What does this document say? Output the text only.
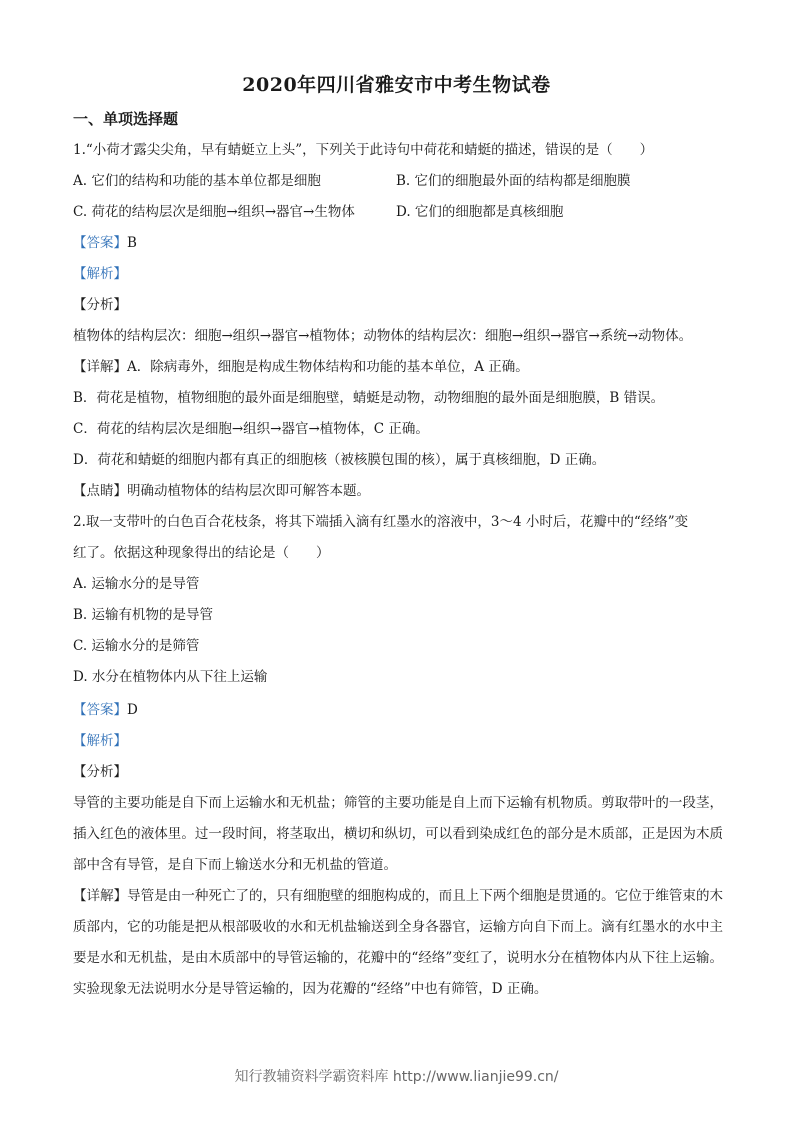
2020年四川省雅安市中考生物试卷
一、单项选择题
1.“小荷才露尖尖角，早有蜻蜓立上头”，下列关于此诗句中荷花和蜻蜓的描述，错误的是（　　）
A. 它们的结构和功能的基本单位都是细胞	B. 它们的细胞最外面的结构都是细胞膜
C. 荷花的结构层次是细胞→组织→器官→生物体	D. 它们的细胞都是真核细胞
【答案】B
【解析】
【分析】
植物体的结构层次：细胞→组织→器官→植物体；动物体的结构层次：细胞→组织→器官→系统→动物体。
【详解】A．除病毒外，细胞是构成生物体结构和功能的基本单位，A 正确。
B．荷花是植物，植物细胞的最外面是细胞壁，蜻蜓是动物，动物细胞的最外面是细胞膜，B 错误。
C．荷花的结构层次是细胞→组织→器官→植物体，C 正确。
D．荷花和蜻蜓的细胞内都有真正的细胞核（被核膜包围的核），属于真核细胞，D 正确。
【点睛】明确动植物体的结构层次即可解答本题。
2.取一支带叶的白色百合花枝条，将其下端插入滴有红墨水的溶液中，3～4 小时后，花瓣中的“经络”变
红了。依据这种现象得出的结论是（　　）
A. 运输水分的是导管
B. 运输有机物的是导管
C. 运输水分的是筛管
D. 水分在植物体内从下往上运输
【答案】D
【解析】
【分析】
导管的主要功能是自下而上运输水和无机盐；筛管的主要功能是自上而下运输有机物质。剪取带叶的一段茎，插入红色的液体里。过一段时间，将茎取出，横切和纵切，可以看到染成红色的部分是木质部，正是因为木质部中含有导管，是自下而上输送水分和无机盐的管道。
【详解】导管是由一种死亡了的，只有细胞壁的细胞构成的，而且上下两个细胞是贯通的。它位于维管束的木质部内，它的功能是把从根部吸收的水和无机盐输送到全身各器官，运输方向自下而上。滴有红墨水的水中主要是水和无机盐，是由木质部中的导管运输的，花瓣中的“经络”变红了，说明水分在植物体内从下往上运输。实验现象无法说明水分是导管运输的，因为花瓣的“经络”中也有筛管，D 正确。
知行教辅资料学霸资料库 http://www.lianjie99.cn/
